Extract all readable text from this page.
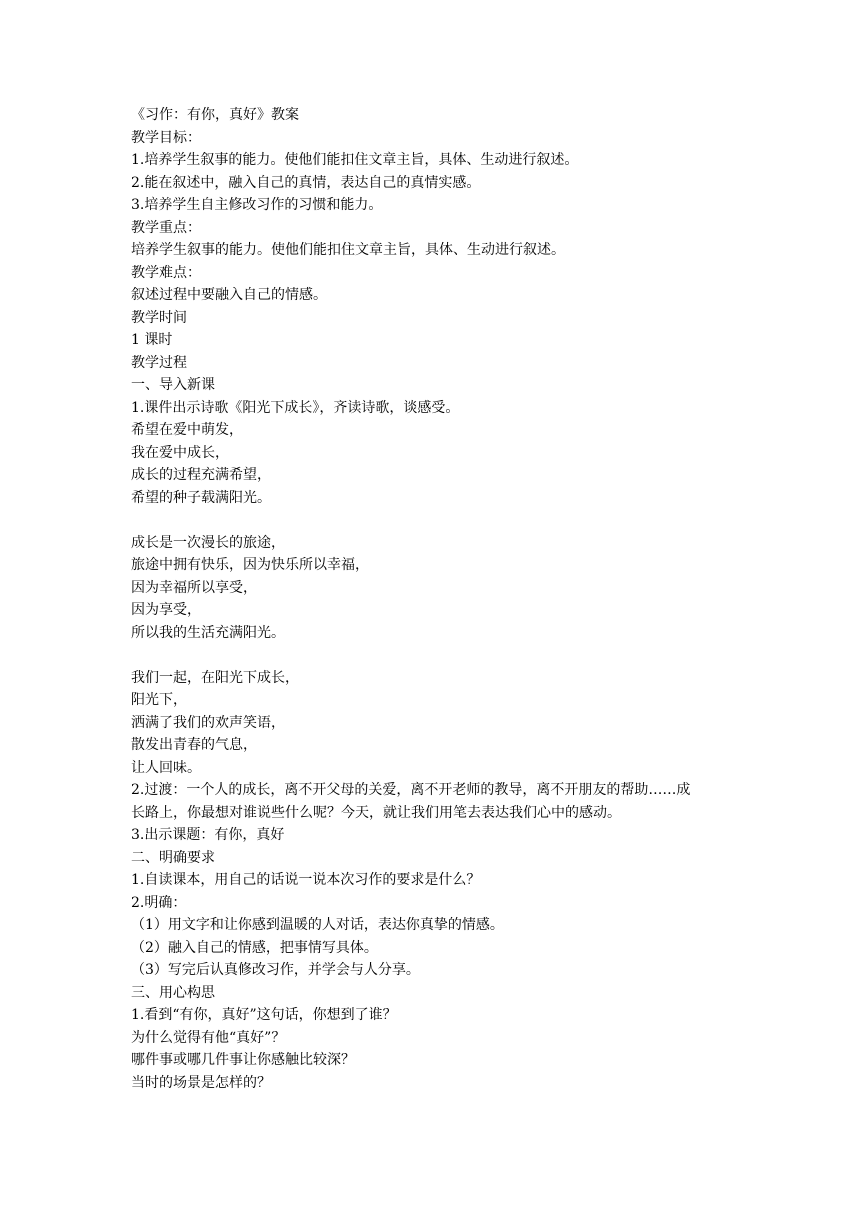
《习作：有你，真好》教案
教学目标：
1.培养学生叙事的能力。使他们能扣住文章主旨，具体、生动进行叙述。
2.能在叙述中，融入自己的真情，表达自己的真情实感。
3.培养学生自主修改习作的习惯和能力。
教学重点：
培养学生叙事的能力。使他们能扣住文章主旨，具体、生动进行叙述。
教学难点：
叙述过程中要融入自己的情感。
教学时间
1 课时
教学过程
一、导入新课
1.课件出示诗歌《阳光下成长》，齐读诗歌，谈感受。
希望在爱中萌发，
我在爱中成长，
成长的过程充满希望，
希望的种子载满阳光。
成长是一次漫长的旅途，
旅途中拥有快乐，因为快乐所以幸福，
因为幸福所以享受，
因为享受，
所以我的生活充满阳光。
我们一起，在阳光下成长，
阳光下，
洒满了我们的欢声笑语，
散发出青春的气息，
让人回味。
2.过渡：一个人的成长，离不开父母的关爱，离不开老师的教导，离不开朋友的帮助……成
长路上，你最想对谁说些什么呢？今天，就让我们用笔去表达我们心中的感动。
3.出示课题：有你，真好
二、明确要求
1.自读课本，用自己的话说一说本次习作的要求是什么？
2.明确：
（1）用文字和让你感到温暖的人对话，表达你真挚的情感。
（2）融入自己的情感，把事情写具体。
（3）写完后认真修改习作，并学会与人分享。
三、用心构思
1.看到“有你，真好”这句话，你想到了谁？
为什么觉得有他“真好”？
哪件事或哪几件事让你感触比较深？
当时的场景是怎样的？
